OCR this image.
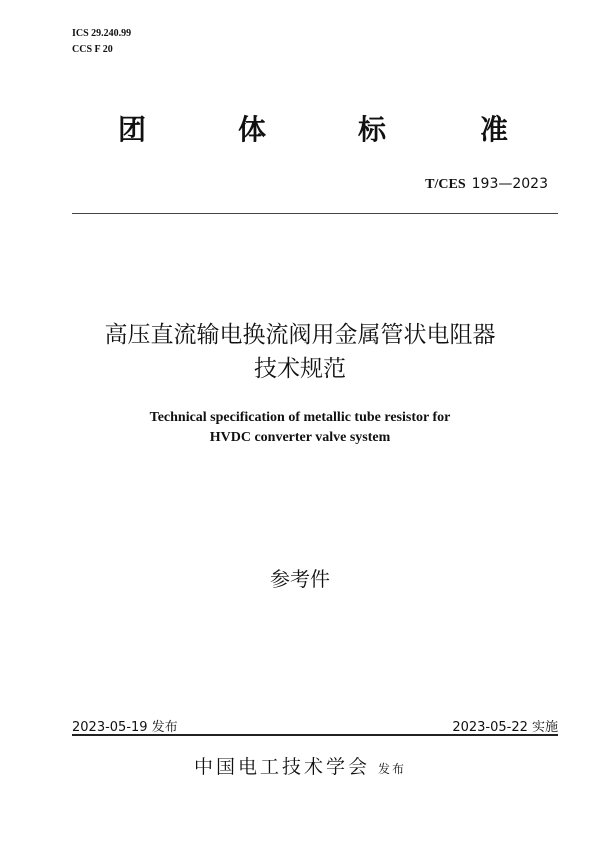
ICS 29.240.99
CCS F 20
团	体	标	准
T/CES 193—2023
高压直流输电换流阀用金属管状电阻器
技术规范
Technical specification of metallic tube resistor for
HVDC converter valve system
参考件
2023-05-19 发布	2023-05-22 实施
中国电工技术学会 发布
